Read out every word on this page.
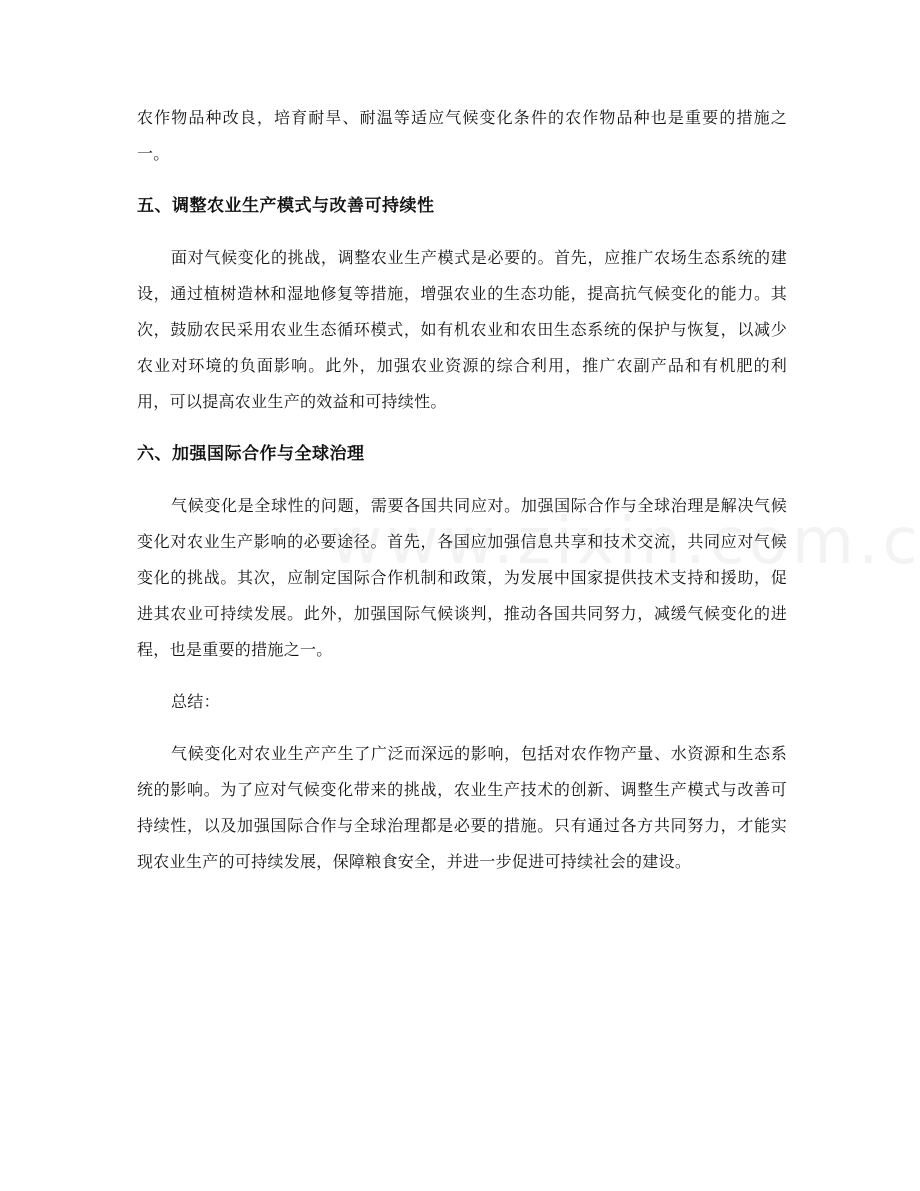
农作物品种改良，培育耐旱、耐温等适应气候变化条件的农作物品种也是重要的措施之一。

五、调整农业生产模式与改善可持续性

面对气候变化的挑战，调整农业生产模式是必要的。首先，应推广农场生态系统的建设，通过植树造林和湿地修复等措施，增强农业的生态功能，提高抗气候变化的能力。其次，鼓励农民采用农业生态循环模式，如有机农业和农田生态系统的保护与恢复，以减少农业对环境的负面影响。此外，加强农业资源的综合利用，推广农副产品和有机肥的利用，可以提高农业生产的效益和可持续性。

六、加强国际合作与全球治理

气候变化是全球性的问题，需要各国共同应对。加强国际合作与全球治理是解决气候变化对农业生产影响的必要途径。首先，各国应加强信息共享和技术交流，共同应对气候变化的挑战。其次，应制定国际合作机制和政策，为发展中国家提供技术支持和援助，促进其农业可持续发展。此外，加强国际气候谈判，推动各国共同努力，减缓气候变化的进程，也是重要的措施之一。

总结：

气候变化对农业生产产生了广泛而深远的影响，包括对农作物产量、水资源和生态系统的影响。为了应对气候变化带来的挑战，农业生产技术的创新、调整生产模式与改善可持续性，以及加强国际合作与全球治理都是必要的措施。只有通过各方共同努力，才能实现农业生产的可持续发展，保障粮食安全，并进一步促进可持续社会的建设。
